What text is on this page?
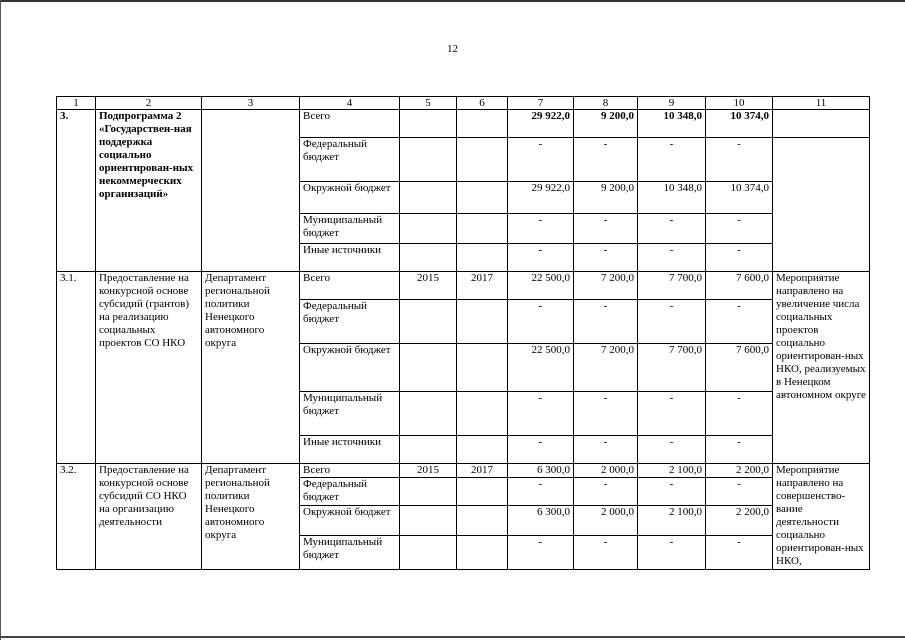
12
1	2	3	4	5	6	7	8	9	10	11
3.	Подпрограмма 2 «Государствен-ная поддержка социально ориентирован-ных некоммерческих организаций»		Всего			29 922,0	9 200,0	10 348,0	10 374,0	
			Федеральный бюджет			-	-	-	-	
			Окружной бюджет			29 922,0	9 200,0	10 348,0	10 374,0	
			Муниципальный бюджет			-	-	-	-	
			Иные источники			-	-	-	-	
3.1.	Предоставление на конкурсной основе субсидий (грантов) на реализацию социальных проектов СО НКО	Департамент региональной политики Ненецкого автономного округа	Всего	2015	2017	22 500,0	7 200,0	7 700,0	7 600,0	Мероприятие направлено на увеличение числа социальных проектов социально ориентирован-ных НКО, реализуемых в Ненецком автономном округе
			Федеральный бюджет			-	-	-	-	
			Окружной бюджет			22 500,0	7 200,0	7 700,0	7 600,0	
			Муниципальный бюджет			-	-	-	-	
			Иные источники			-	-	-	-	
3.2.	Предоставление на конкурсной основе субсидий СО НКО на организацию деятельности	Департамент региональной политики Ненецкого автономного округа	Всего	2015	2017	6 300,0	2 000,0	2 100,0	2 200,0	Мероприятие направлено на совершенство-вание деятельности социально ориентирован-ных НКО,
			Федеральный бюджет			-	-	-	-	
			Окружной бюджет			6 300,0	2 000,0	2 100,0	2 200,0	
			Муниципальный бюджет			-	-	-	-	
